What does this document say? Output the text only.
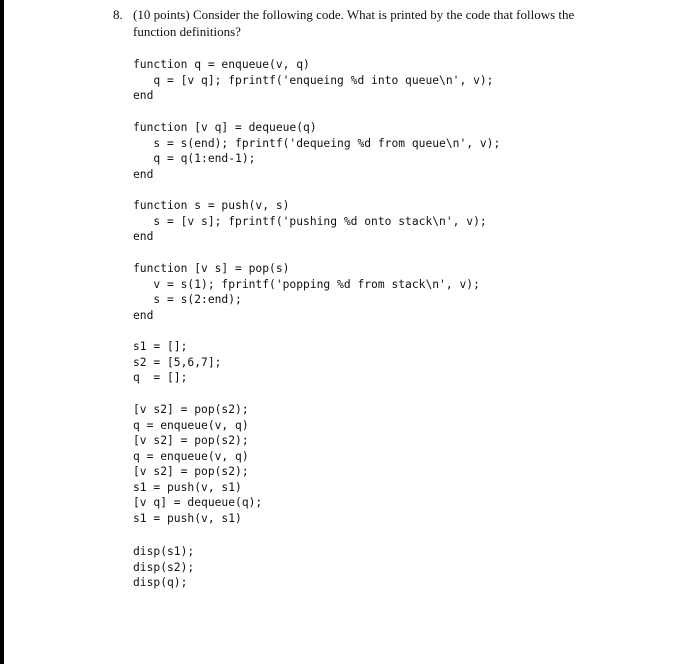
8. (10 points) Consider the following code. What is printed by the code that follows the
function definitions?
function q = enqueue(v, q)
q = [v q]; fprintf('enqueing %d into queue\n', v);
end
function [v q] = dequeue(q)
s = s(end); fprintf('dequeing %d from queue\n', v);
q = q(1:end-1);
end
function s = push(v, s)
s = [v s]; fprintf('pushing %d onto stack\n', v);
end
function [v s] = pop(s)
v = s(1); fprintf('popping %d from stack\n', v);
s = s(2:end);
end
s1 = [];
s2 = [5,6,7];
q  = [];
[v s2] = pop(s2);
q = enqueue(v, q)
[v s2] = pop(s2);
q = enqueue(v, q)
[v s2] = pop(s2);
s1 = push(v, s1)
[v q] = dequeue(q);
s1 = push(v, s1)
disp(s1);
disp(s2);
disp(q);
